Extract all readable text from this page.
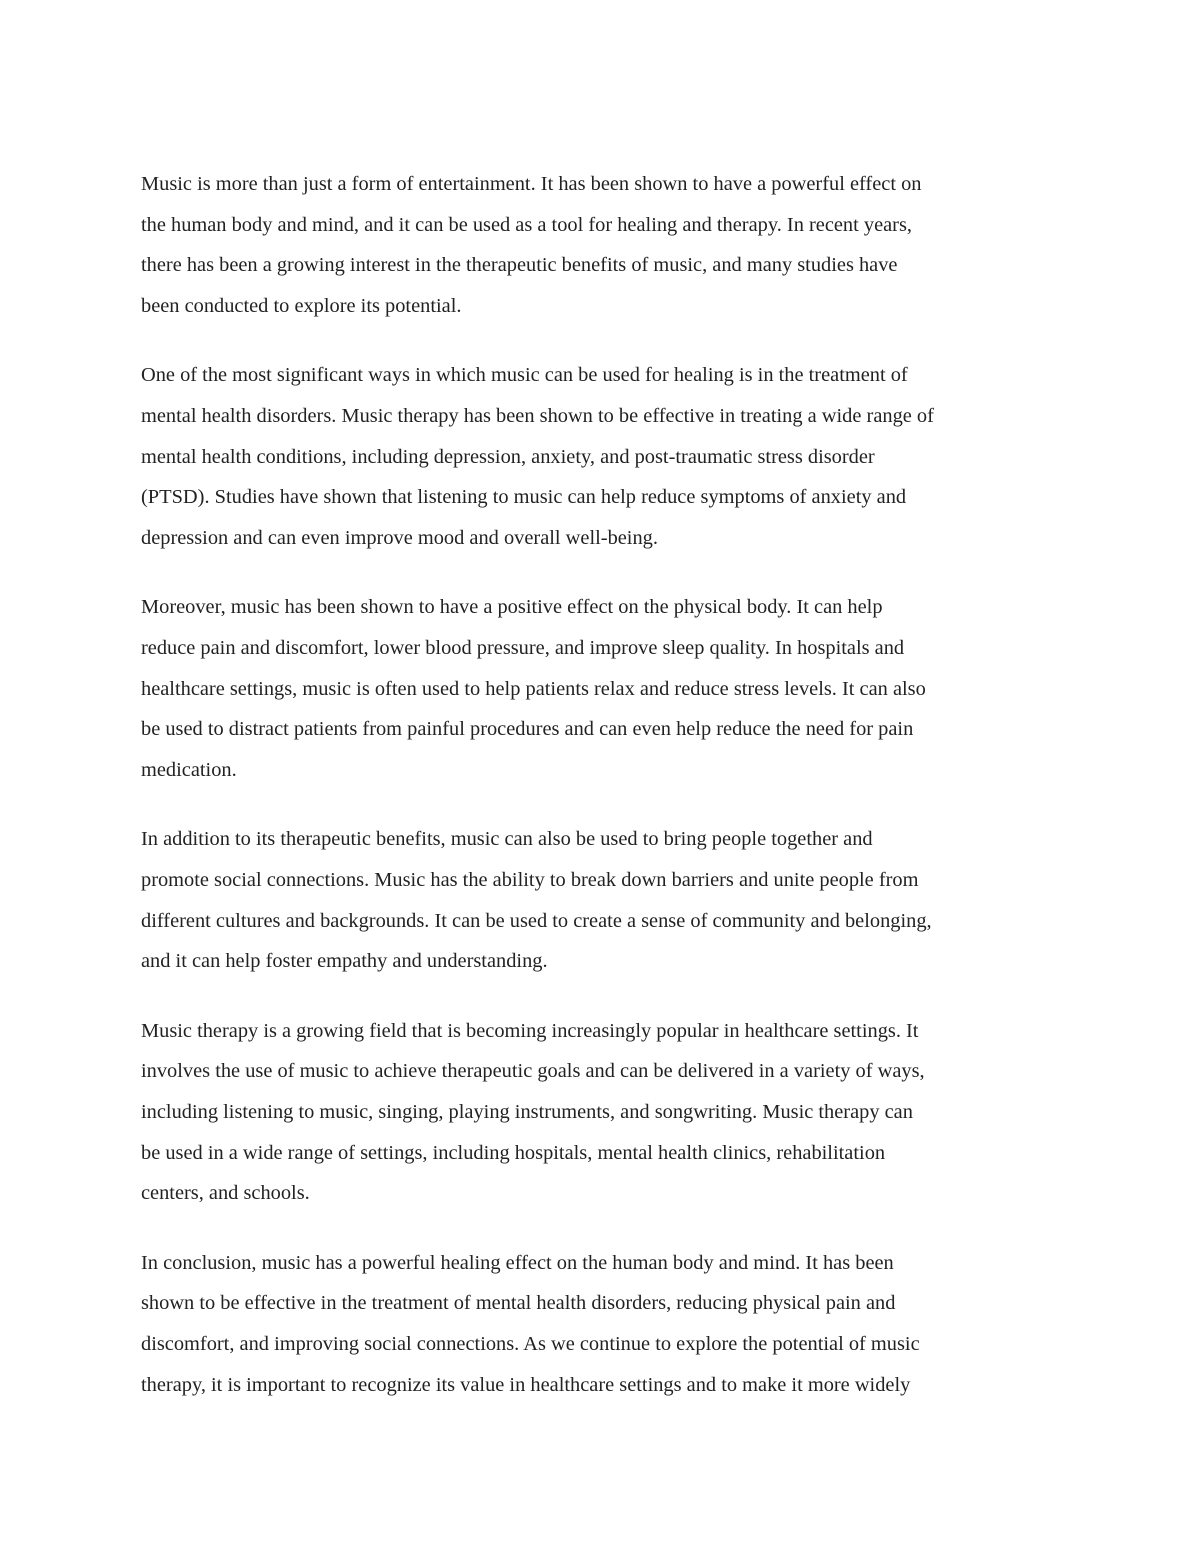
Music is more than just a form of entertainment. It has been shown to have a powerful effect on
the human body and mind, and it can be used as a tool for healing and therapy. In recent years,
there has been a growing interest in the therapeutic benefits of music, and many studies have
been conducted to explore its potential.

One of the most significant ways in which music can be used for healing is in the treatment of
mental health disorders. Music therapy has been shown to be effective in treating a wide range of
mental health conditions, including depression, anxiety, and post-traumatic stress disorder
(PTSD). Studies have shown that listening to music can help reduce symptoms of anxiety and
depression and can even improve mood and overall well-being.

Moreover, music has been shown to have a positive effect on the physical body. It can help
reduce pain and discomfort, lower blood pressure, and improve sleep quality. In hospitals and
healthcare settings, music is often used to help patients relax and reduce stress levels. It can also
be used to distract patients from painful procedures and can even help reduce the need for pain
medication.

In addition to its therapeutic benefits, music can also be used to bring people together and
promote social connections. Music has the ability to break down barriers and unite people from
different cultures and backgrounds. It can be used to create a sense of community and belonging,
and it can help foster empathy and understanding.

Music therapy is a growing field that is becoming increasingly popular in healthcare settings. It
involves the use of music to achieve therapeutic goals and can be delivered in a variety of ways,
including listening to music, singing, playing instruments, and songwriting. Music therapy can
be used in a wide range of settings, including hospitals, mental health clinics, rehabilitation
centers, and schools.

In conclusion, music has a powerful healing effect on the human body and mind. It has been
shown to be effective in the treatment of mental health disorders, reducing physical pain and
discomfort, and improving social connections. As we continue to explore the potential of music
therapy, it is important to recognize its value in healthcare settings and to make it more widely
